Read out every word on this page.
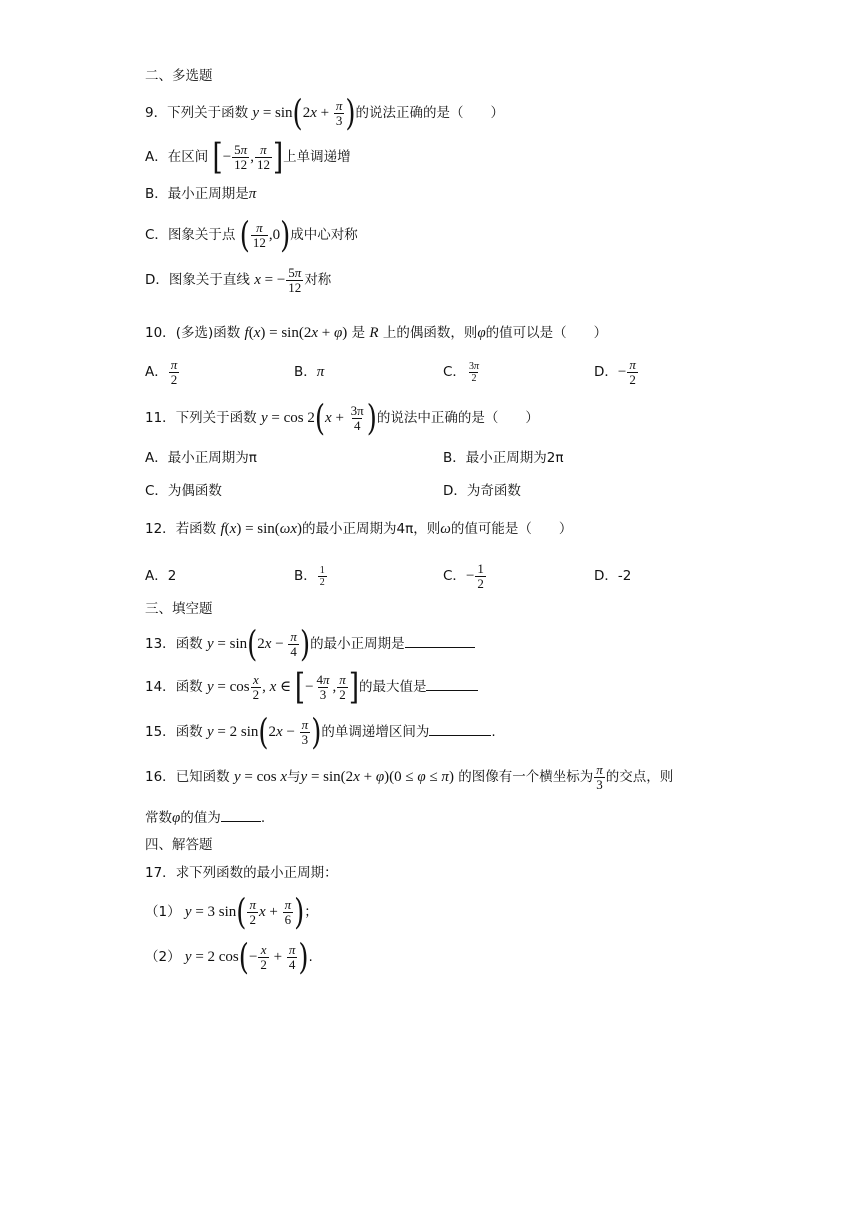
二、多选题
9．下列关于函数 $y = \sin(2x + \frac{\pi}{3}$ )的说法正确的是（　　）
A．在区间 [− $\frac{5\pi}{12}$ , $\frac{\pi}{12}$ ]上单调递增
B．最小正周期是π
C．图象关于点 ( $\frac{\pi}{12} ,0$)成中心对称
D．图象关于直线 x = − $\frac{5\pi}{12}$ 对称
10．(多选)函数 f(x) = sin(2x + φ) 是 R 上的偶函数，则φ的值可以是（　　）
A． $\frac{\pi}{2}$	B．π	C． $\frac{3\pi}{2}$	D．− $\frac{\pi}{2}$
11．下列关于函数 $y = \cos 2(x + \frac{3\pi}{4}$ )的说法中正确的是（　　）
A．最小正周期为π	B．最小正周期为2π
C．为偶函数	D．为奇函数
12．若函数 f(x) = sin(ωx)的最小正周期为4π，则ω的值可能是（　　）
A．2	B． $\frac{1}{2}$	C．− $\frac{1}{2}$	D．-2
三、填空题
13．函数 $y = \sin(2x - \frac{\pi}{4}$ )的最小正周期是
14．函数 $y = \cos \frac{x}{2}$ , x ∈ [− $\frac{4\pi}{3}$ , $\frac{\pi}{2}$ ]的最大值是
15．函数 y = 2 $\sin(2x - \frac{\pi}{3}$ )的单调递增区间为	.
16．已知函数 y = cos x与y = sin(2x + φ)(0 ≤ φ ≤ π) 的图像有一个横坐标为 $\frac{\pi}{3}$ 的交点，则
常数φ的值为	.
四、解答题
17．求下列函数的最小正周期：
（1） y = 3 $\sin( \frac{\pi}{2}$ $x + \frac{\pi}{6}$ )；
（2） y = 2 $\cos(- \frac{x}{2} + \frac{\pi}{4}$ ).
